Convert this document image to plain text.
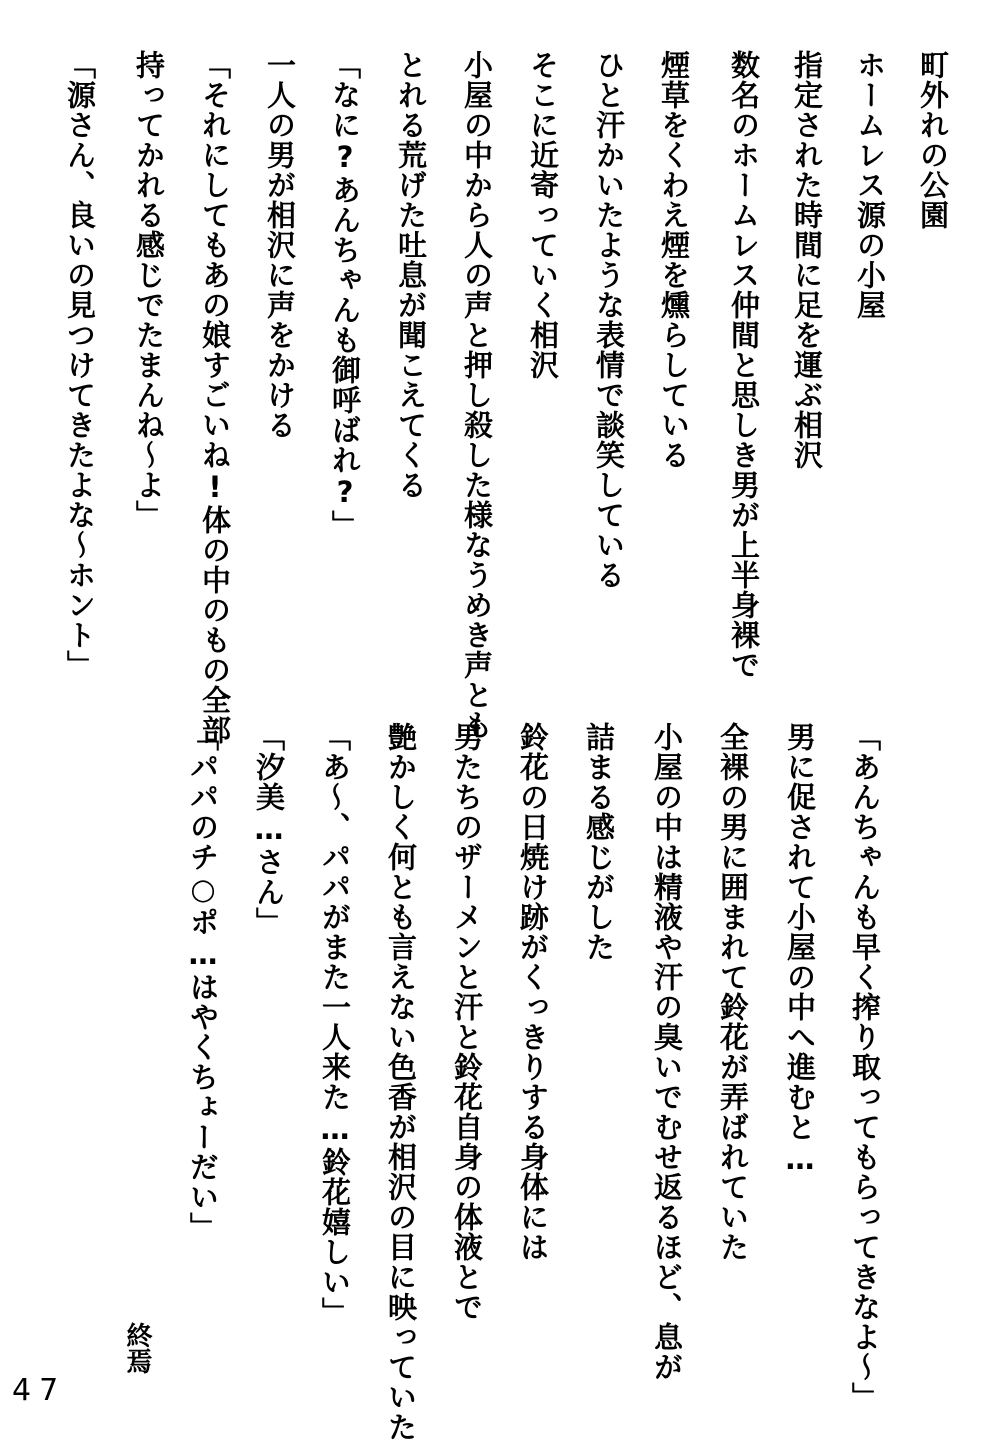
町外れの公園
ホームレス源の小屋
指定された時間に足を運ぶ相沢
数名のホームレス仲間と思しき男が上半身裸で
煙草をくわえ煙を燻らしている
ひと汗かいたような表情で談笑している
そこに近寄っていく相沢
小屋の中から人の声と押し殺した様なうめき声とも
とれる荒げた吐息が聞こえてくる
「なに?あんちゃんも御呼ばれ?」
一人の男が相沢に声をかける
「それにしてもあの娘すごいね!体の中のもの全部
持ってかれる感じでたまんね～よ」
「源さん、良いの見つけてきたよな～ホント」
「あんちゃんも早く搾り取ってもらってきなよ～」
男に促されて小屋の中へ進むと…
全裸の男に囲まれて鈴花が弄ばれていた
小屋の中は精液や汗の臭いでむせ返るほど、息が
詰まる感じがした
鈴花の日焼け跡がくっきりする身体には
男たちのザーメンと汗と鈴花自身の体液とで
艶かしく何とも言えない色香が相沢の目に映っていた
「あ～、パパがまた一人来た…鈴花嬉しい」
「汐美…さん」
「パパのチ○ポ…はやくちょーだい」
終焉
47
